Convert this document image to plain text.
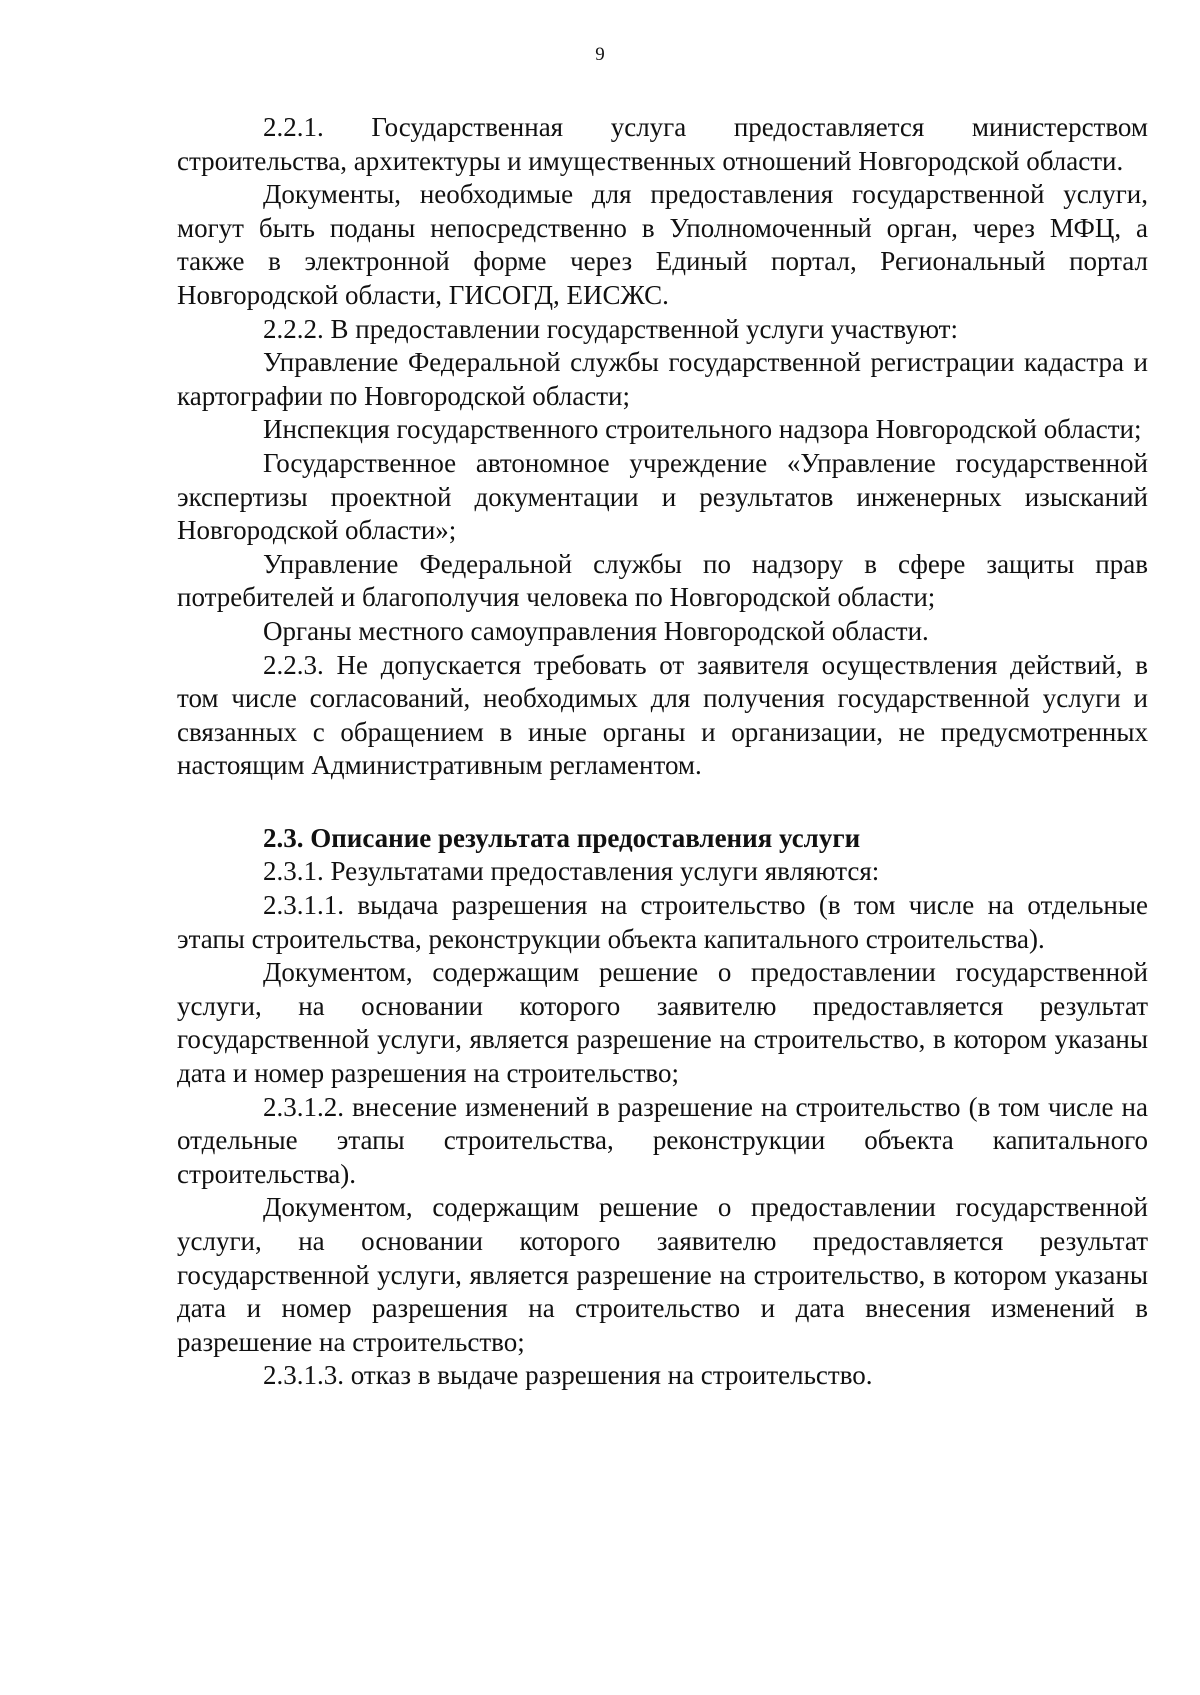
9

2.2.1. Государственная услуга предоставляется министерством строительства, архитектуры и имущественных отношений Новгородской области.

Документы, необходимые для предоставления государственной услуги, могут быть поданы непосредственно в Уполномоченный орган, через МФЦ, а также в электронной форме через Единый портал, Региональный портал Новгородской области, ГИСОГД, ЕИСЖС.

2.2.2. В предоставлении государственной услуги участвуют:

Управление Федеральной службы государственной регистрации кадастра и картографии по Новгородской области;

Инспекция государственного строительного надзора Новгородской области;

Государственное автономное учреждение «Управление государственной экспертизы проектной документации и результатов инженерных изысканий Новгородской области»;

Управление Федеральной службы по надзору в сфере защиты прав потребителей и благополучия человека по Новгородской области;

Органы местного самоуправления Новгородской области.

2.2.3. Не допускается требовать от заявителя осуществления действий, в том числе согласований, необходимых для получения государственной услуги и связанных с обращением в иные органы и организации, не предусмотренных настоящим Административным регламентом.

2.3. Описание результата предоставления услуги

2.3.1. Результатами предоставления услуги являются:

2.3.1.1. выдача разрешения на строительство (в том числе на отдельные этапы строительства, реконструкции объекта капитального строительства).

Документом, содержащим решение о предоставлении государственной услуги, на основании которого заявителю предоставляется результат государственной услуги, является разрешение на строительство, в котором указаны дата и номер разрешения на строительство;

2.3.1.2. внесение изменений в разрешение на строительство (в том числе на отдельные этапы строительства, реконструкции объекта капитального строительства).

Документом, содержащим решение о предоставлении государственной услуги, на основании которого заявителю предоставляется результат государственной услуги, является разрешение на строительство, в котором указаны дата и номер разрешения на строительство и дата внесения изменений в разрешение на строительство;

2.3.1.3. отказ в выдаче разрешения на строительство.
